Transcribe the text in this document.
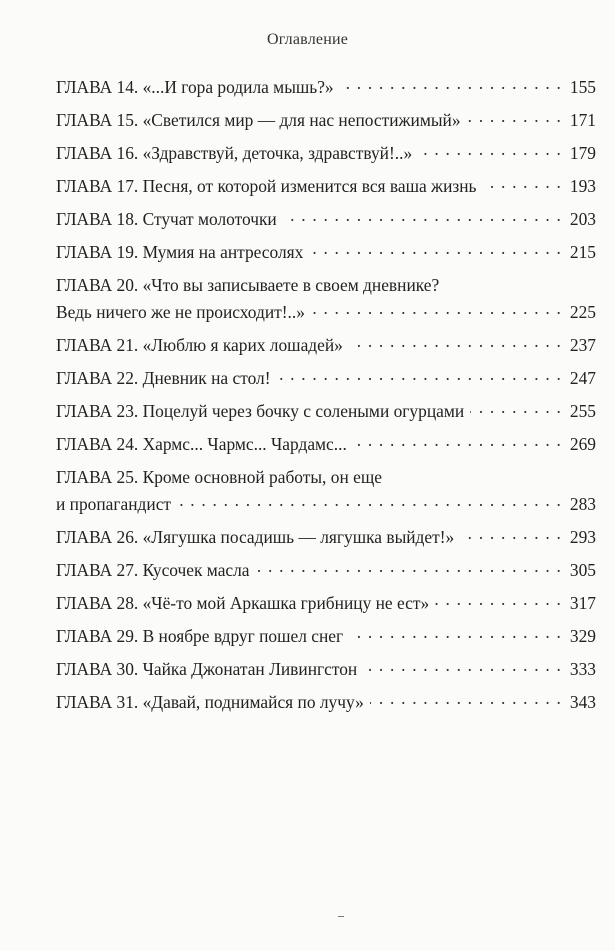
Оглавление
ГЛАВА 14. «...И гора родила мышь?» . . .	155
ГЛАВА 15. «Светился мир — для нас непостижимый» . . .	171
ГЛАВА 16. «Здравствуй, деточка, здравствуй!..» . . .	179
ГЛАВА 17. Песня, от которой изменится вся ваша жизнь . . .	193
ГЛАВА 18. Стучат молоточки . . .	203
ГЛАВА 19. Мумия на антресолях . . .	215
ГЛАВА 20. «Что вы записываете в своем дневнике?
Ведь ничего же не происходит!..» . . .	225
ГЛАВА 21. «Люблю я карих лошадей» . . .	237
ГЛАВА 22. Дневник на стол! . . .	247
ГЛАВА 23. Поцелуй через бочку с солеными огурцами . . .	255
ГЛАВА 24. Хармс... Чармс... Чардамс... . . .	269
ГЛАВА 25. Кроме основной работы, он еще
и пропагандист . . .	283
ГЛАВА 26. «Лягушка посадишь — лягушка выйдет!» . . .	293
ГЛАВА 27. Кусочек масла . . .	305
ГЛАВА 28. «Чё-то мой Аркашка грибницу не ест» . . .	317
ГЛАВА 29. В ноябре вдруг пошел снег . . .	329
ГЛАВА 30. Чайка Джонатан Ливингстон . . .	333
ГЛАВА 31. «Давай, поднимайся по лучу» . . .	343
